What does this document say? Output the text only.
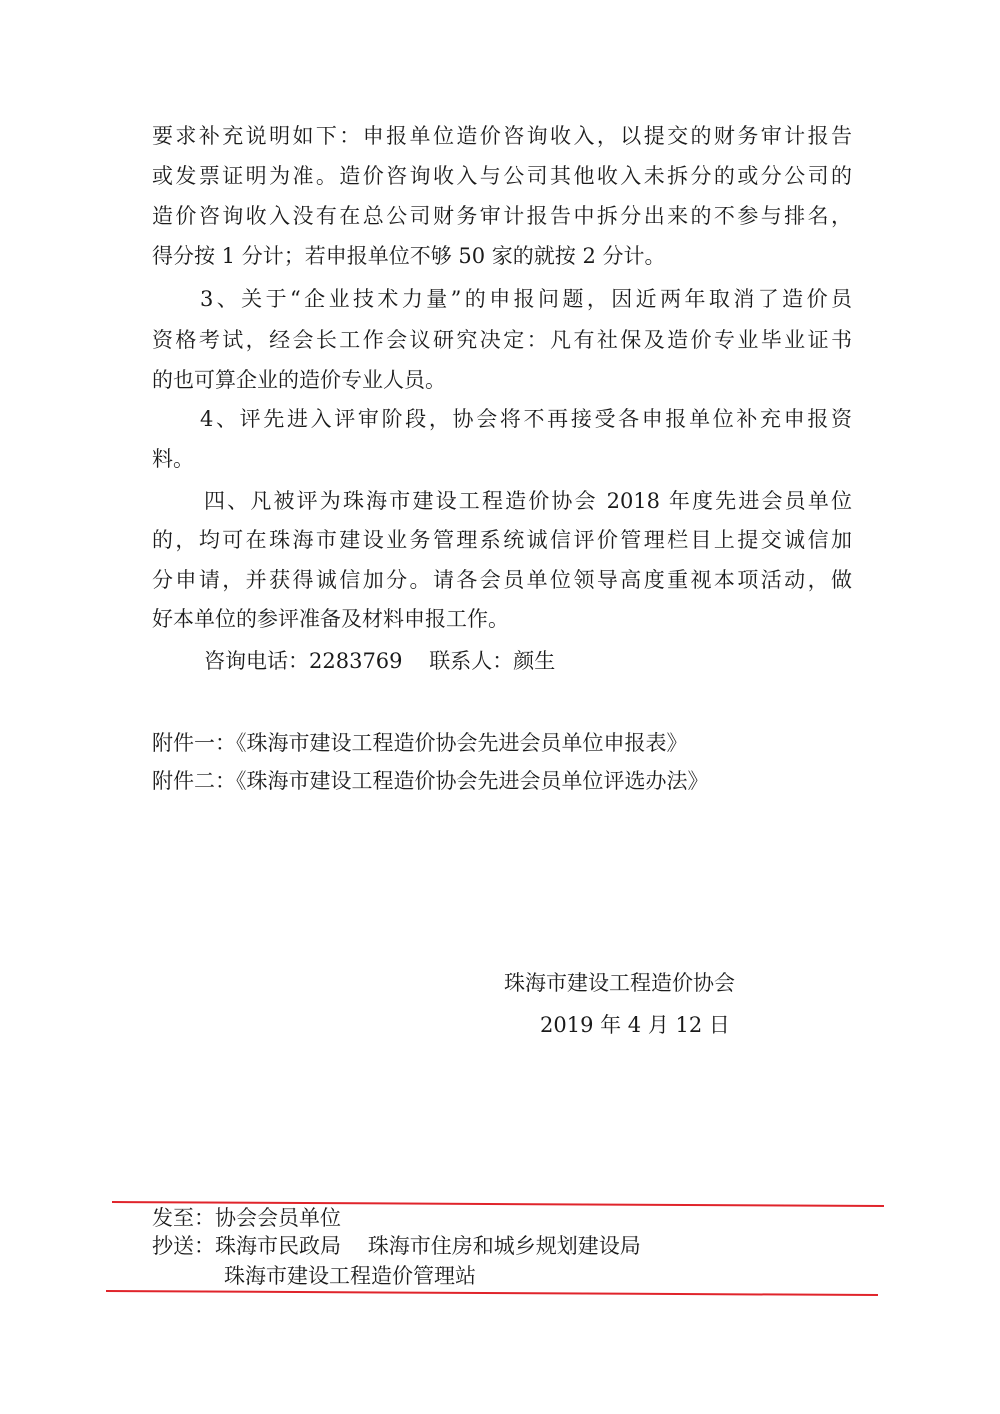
要求补充说明如下：申报单位造价咨询收入，以提交的财务审计报告
或发票证明为准。造价咨询收入与公司其他收入未拆分的或分公司的
造价咨询收入没有在总公司财务审计报告中拆分出来的不参与排名，
得分按 1 分计；若申报单位不够 50 家的就按 2 分计。
3、关于“企业技术力量”的申报问题，因近两年取消了造价员
资格考试，经会长工作会议研究决定：凡有社保及造价专业毕业证书
的也可算企业的造价专业人员。
4、评先进入评审阶段，协会将不再接受各申报单位补充申报资
料。
四、凡被评为珠海市建设工程造价协会 2018 年度先进会员单位
的，均可在珠海市建设业务管理系统诚信评价管理栏目上提交诚信加
分申请，并获得诚信加分。请各会员单位领导高度重视本项活动，做
好本单位的参评准备及材料申报工作。
咨询电话：2283769    联系人：颜生
附件一：《珠海市建设工程造价协会先进会员单位申报表》
附件二：《珠海市建设工程造价协会先进会员单位评选办法》
珠海市建设工程造价协会
2019 年 4 月 12 日
发至：协会会员单位
抄送：珠海市民政局    珠海市住房和城乡规划建设局
珠海市建设工程造价管理站
